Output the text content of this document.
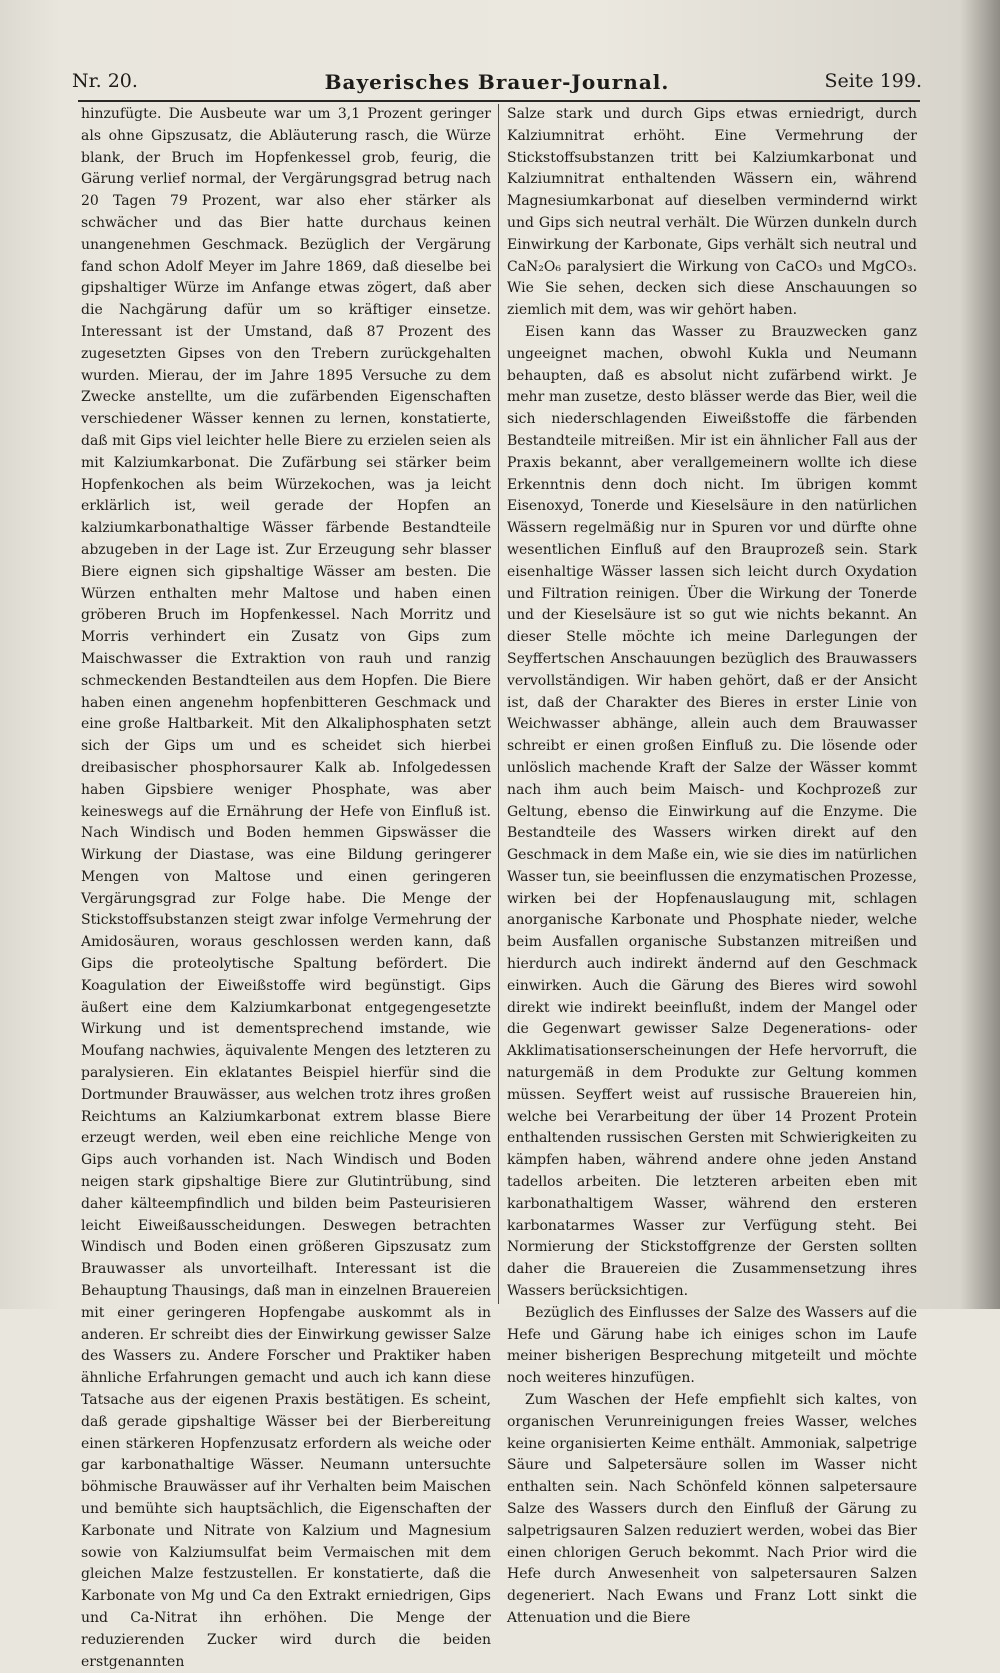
Nr. 20.	Bayerisches Brauer-Journal.	Seite 199.

hinzufügte. Die Ausbeute war um 3,1 Prozent geringer als ohne Gipszusatz, die Abläuterung rasch, die Würze blank, der Bruch im Hopfenkessel grob, feurig, die Gärung verlief normal, der Vergärungsgrad betrug nach 20 Tagen 79 Prozent, war also eher stärker als schwächer und das Bier hatte durchaus keinen unangenehmen Geschmack. Bezüglich der Vergärung fand schon Adolf Meyer im Jahre 1869, daß dieselbe bei gipshaltiger Würze im Anfange etwas zögert, daß aber die Nachgärung dafür um so kräftiger einsetze. Interessant ist der Umstand, daß 87 Prozent des zugesetzten Gipses von den Trebern zurückgehalten wurden. Mierau, der im Jahre 1895 Versuche zu dem Zwecke anstellte, um die zufärbenden Eigenschaften verschiedener Wässer kennen zu lernen, konstatierte, daß mit Gips viel leichter helle Biere zu erzielen seien als mit Kalziumkarbonat. Die Zufärbung sei stärker beim Hopfenkochen als beim Würzekochen, was ja leicht erklärlich ist, weil gerade der Hopfen an kalziumkarbonathaltige Wässer färbende Bestandteile abzugeben in der Lage ist. Zur Erzeugung sehr blasser Biere eignen sich gipshaltige Wässer am besten. Die Würzen enthalten mehr Maltose und haben einen gröberen Bruch im Hopfenkessel. Nach Morritz und Morris verhindert ein Zusatz von Gips zum Maischwasser die Extraktion von rauh und ranzig schmeckenden Bestandteilen aus dem Hopfen. Die Biere haben einen angenehm hopfenbitteren Geschmack und eine große Haltbarkeit. Mit den Alkaliphosphaten setzt sich der Gips um und es scheidet sich hierbei dreibasischer phosphorsaurer Kalk ab. Infolgedessen haben Gipsbiere weniger Phosphate, was aber keineswegs auf die Ernährung der Hefe von Einfluß ist. Nach Windisch und Boden hemmen Gipswässer die Wirkung der Diastase, was eine Bildung geringerer Mengen von Maltose und einen geringeren Vergärungsgrad zur Folge habe. Die Menge der Stickstoffsubstanzen steigt zwar infolge Vermehrung der Amidosäuren, woraus geschlossen werden kann, daß Gips die proteolytische Spaltung befördert. Die Koagulation der Eiweißstoffe wird begünstigt. Gips äußert eine dem Kalziumkarbonat entgegengesetzte Wirkung und ist dementsprechend imstande, wie Moufang nachwies, äquivalente Mengen des letzteren zu paralysieren. Ein eklatantes Beispiel hierfür sind die Dortmunder Brauwässer, aus welchen trotz ihres großen Reichtums an Kalziumkarbonat extrem blasse Biere erzeugt werden, weil eben eine reichliche Menge von Gips auch vorhanden ist. Nach Windisch und Boden neigen stark gipshaltige Biere zur Glutintrübung, sind daher kälteempfindlich und bilden beim Pasteurisieren leicht Eiweißausscheidungen. Deswegen betrachten Windisch und Boden einen größeren Gipszusatz zum Brauwasser als unvorteilhaft. Interessant ist die Behauptung Thausings, daß man in einzelnen Brauereien mit einer geringeren Hopfengabe auskommt als in anderen. Er schreibt dies der Einwirkung gewisser Salze des Wassers zu. Andere Forscher und Praktiker haben ähnliche Erfahrungen gemacht und auch ich kann diese Tatsache aus der eigenen Praxis bestätigen. Es scheint, daß gerade gipshaltige Wässer bei der Bierbereitung einen stärkeren Hopfenzusatz erfordern als weiche oder gar karbonathaltige Wässer. Neumann untersuchte böhmische Brauwässer auf ihr Verhalten beim Maischen und bemühte sich hauptsächlich, die Eigenschaften der Karbonate und Nitrate von Kalzium und Magnesium sowie von Kalziumsulfat beim Vermaischen mit dem gleichen Malze festzustellen. Er konstatierte, daß die Karbonate von Mg und Ca den Extrakt erniedrigen, Gips und Ca-Nitrat ihn erhöhen. Die Menge der reduzierenden Zucker wird durch die beiden erstgenannten

Salze stark und durch Gips etwas erniedrigt, durch Kalziumnitrat erhöht. Eine Vermehrung der Stickstoffsubstanzen tritt bei Kalziumkarbonat und Kalziumnitrat enthaltenden Wässern ein, während Magnesiumkarbonat auf dieselben vermindernd wirkt und Gips sich neutral verhält. Die Würzen dunkeln durch Einwirkung der Karbonate, Gips verhält sich neutral und CaN₂O₆ paralysiert die Wirkung von CaCO₃ und MgCO₃. Wie Sie sehen, decken sich diese Anschauungen so ziemlich mit dem, was wir gehört haben.

Eisen kann das Wasser zu Brauzwecken ganz ungeeignet machen, obwohl Kukla und Neumann behaupten, daß es absolut nicht zufärbend wirkt. Je mehr man zusetze, desto blässer werde das Bier, weil die sich niederschlagenden Eiweißstoffe die färbenden Bestandteile mitreißen. Mir ist ein ähnlicher Fall aus der Praxis bekannt, aber verallgemeinern wollte ich diese Erkenntnis denn doch nicht. Im übrigen kommt Eisenoxyd, Tonerde und Kieselsäure in den natürlichen Wässern regelmäßig nur in Spuren vor und dürfte ohne wesentlichen Einfluß auf den Brauprozeß sein. Stark eisenhaltige Wässer lassen sich leicht durch Oxydation und Filtration reinigen. Über die Wirkung der Tonerde und der Kieselsäure ist so gut wie nichts bekannt. An dieser Stelle möchte ich meine Darlegungen der Seyffertschen Anschauungen bezüglich des Brauwassers vervollständigen. Wir haben gehört, daß er der Ansicht ist, daß der Charakter des Bieres in erster Linie von Weichwasser abhänge, allein auch dem Brauwasser schreibt er einen großen Einfluß zu. Die lösende oder unlöslich machende Kraft der Salze der Wässer kommt nach ihm auch beim Maisch- und Kochprozeß zur Geltung, ebenso die Einwirkung auf die Enzyme. Die Bestandteile des Wassers wirken direkt auf den Geschmack in dem Maße ein, wie sie dies im natürlichen Wasser tun, sie beeinflussen die enzymatischen Prozesse, wirken bei der Hopfenauslaugung mit, schlagen anorganische Karbonate und Phosphate nieder, welche beim Ausfallen organische Substanzen mitreißen und hierdurch auch indirekt ändernd auf den Geschmack einwirken. Auch die Gärung des Bieres wird sowohl direkt wie indirekt beeinflußt, indem der Mangel oder die Gegenwart gewisser Salze Degenerations- oder Akklimatisationserscheinungen der Hefe hervorruft, die naturgemäß in dem Produkte zur Geltung kommen müssen. Seyffert weist auf russische Brauereien hin, welche bei Verarbeitung der über 14 Prozent Protein enthaltenden russischen Gersten mit Schwierigkeiten zu kämpfen haben, während andere ohne jeden Anstand tadellos arbeiten. Die letzteren arbeiten eben mit karbonathaltigem Wasser, während den ersteren karbonatarmes Wasser zur Verfügung steht. Bei Normierung der Stickstoffgrenze der Gersten sollten daher die Brauereien die Zusammensetzung ihres Wassers berücksichtigen.

Bezüglich des Einflusses der Salze des Wassers auf die Hefe und Gärung habe ich einiges schon im Laufe meiner bisherigen Besprechung mitgeteilt und möchte noch weiteres hinzufügen.

Zum Waschen der Hefe empfiehlt sich kaltes, von organischen Verunreinigungen freies Wasser, welches keine organisierten Keime enthält. Ammoniak, salpetrige Säure und Salpetersäure sollen im Wasser nicht enthalten sein. Nach Schönfeld können salpetersaure Salze des Wassers durch den Einfluß der Gärung zu salpetrigsauren Salzen reduziert werden, wobei das Bier einen chlorigen Geruch bekommt. Nach Prior wird die Hefe durch Anwesenheit von salpetersauren Salzen degeneriert. Nach Ewans und Franz Lott sinkt die Attenuation und die Biere
